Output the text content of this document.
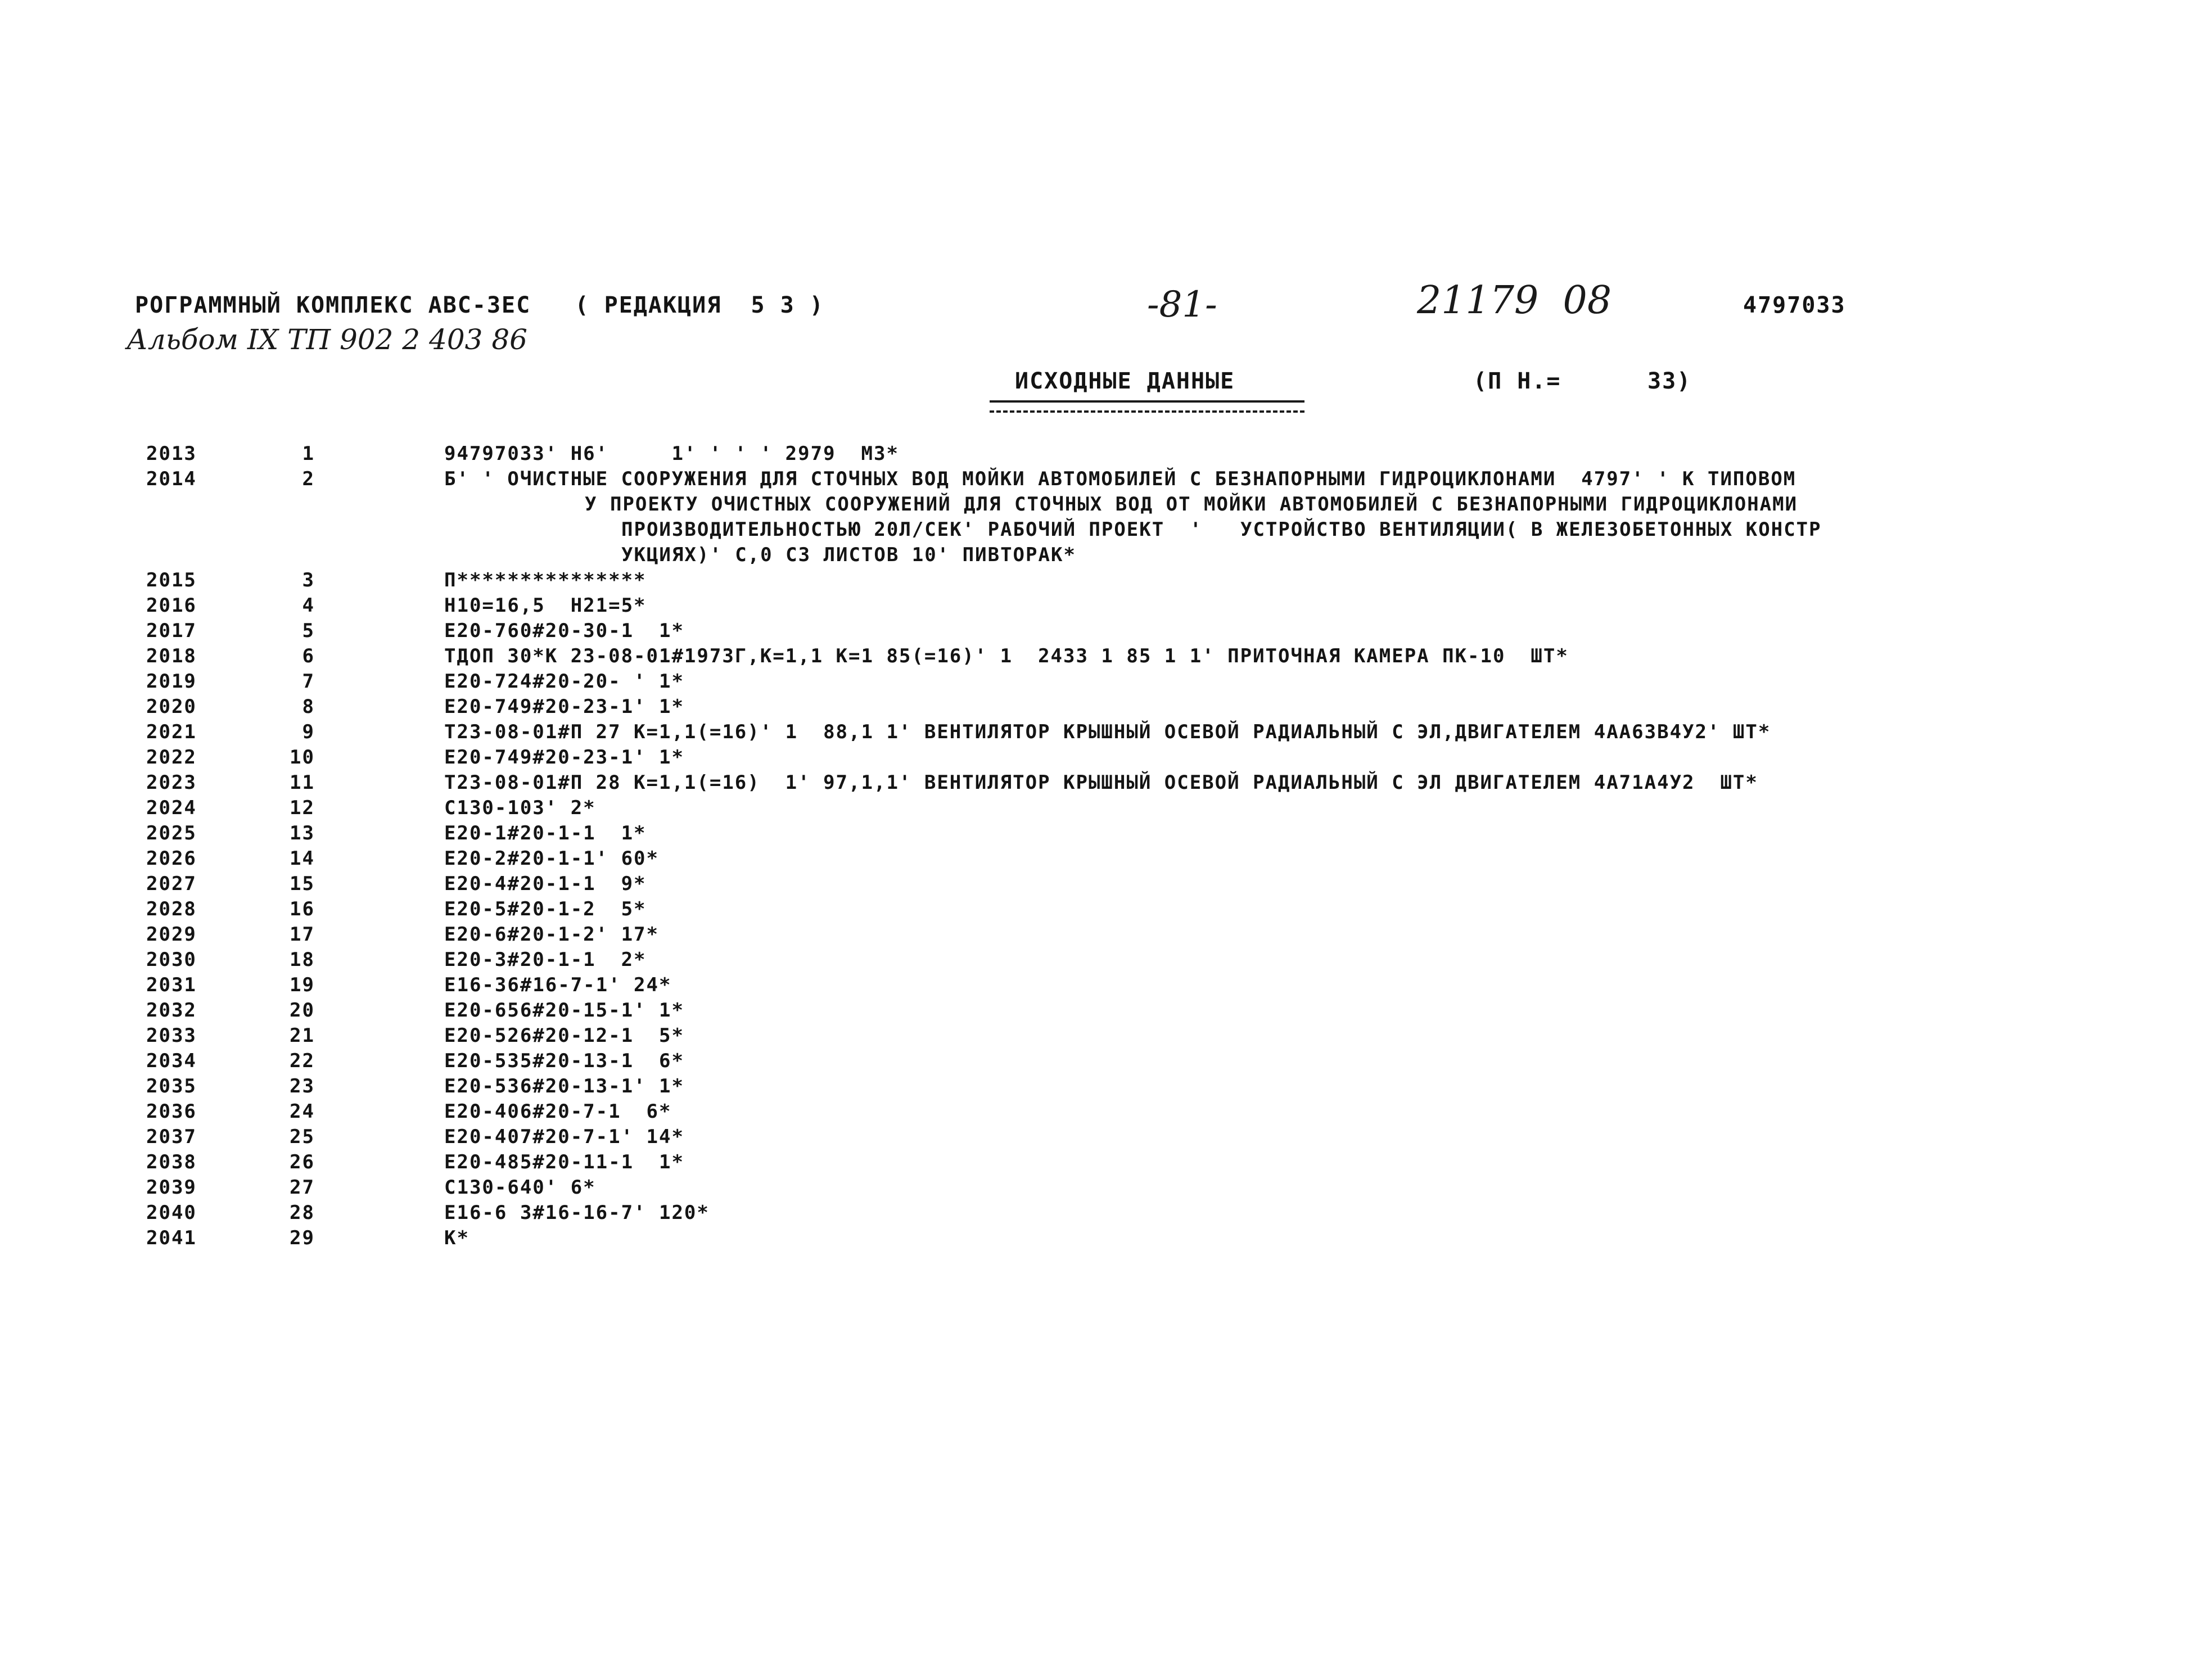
РОГРАММНЫЙ КОМПЛЕКС АВС-3ЕС   ( РЕДАКЦИЯ  5 3 )	-81-	21179  08	4797033
Альбом IX ТП 902 2 403 86
ИСХОДНЫЕ ДАННЫЕ	(П Н.=	33)
2013	1	94797033' Н6'     1' ' ' ' 2979  М3*
2014	2	Б' ' ОЧИСТНЫЕ СООРУЖЕНИЯ ДЛЯ СТОЧНЫХ ВОД МОЙКИ АВТОМОБИЛЕЙ С БЕЗНАПОРНЫМИ ГИДРОЦИКЛОНАМИ  4797' ' К ТИПОВОМ
У ПРОЕКТУ ОЧИСТНЫХ СООРУЖЕНИЙ ДЛЯ СТОЧНЫХ ВОД ОТ МОЙКИ АВТОМОБИЛЕЙ С БЕЗНАПОРНЫМИ ГИДРОЦИКЛОНАМИ
ПРОИЗВОДИТЕЛЬНОСТЬЮ 20Л/СЕК' РАБОЧИЙ ПРОЕКТ  '   УСТРОЙСТВО ВЕНТИЛЯЦИИ( В ЖЕЛЕЗОБЕТОННЫХ КОНСТР
УКЦИЯХ)' С,0 С3 ЛИСТОВ 10' ПИВТОРАК*
2015	3	П***************
2016	4	Н10=16,5  Н21=5*
2017	5	Е20-760#20-30-1  1*
2018	6	ТДОП 30*К 23-08-01#1973Г,К=1,1 К=1 85(=16)' 1  2433 1 85 1 1' ПРИТОЧНАЯ КАМЕРА ПК-10  ШТ*
2019	7	Е20-724#20-20- ' 1*
2020	8	Е20-749#20-23-1' 1*
2021	9	Т23-08-01#П 27 К=1,1(=16)' 1  88,1 1' ВЕНТИЛЯТОР КРЫШНЫЙ ОСЕВОЙ РАДИАЛЬНЫЙ С ЭЛ,ДВИГАТЕЛЕМ 4АА63В4У2' ШТ*
2022	10	Е20-749#20-23-1' 1*
2023	11	Т23-08-01#П 28 К=1,1(=16)  1' 97,1,1' ВЕНТИЛЯТОР КРЫШНЫЙ ОСЕВОЙ РАДИАЛЬНЫЙ С ЭЛ ДВИГАТЕЛЕМ 4А71А4У2  ШТ*
2024	12	С130-103' 2*
2025	13	Е20-1#20-1-1  1*
2026	14	Е20-2#20-1-1' 60*
2027	15	Е20-4#20-1-1  9*
2028	16	Е20-5#20-1-2  5*
2029	17	Е20-6#20-1-2' 17*
2030	18	Е20-3#20-1-1  2*
2031	19	Е16-36#16-7-1' 24*
2032	20	Е20-656#20-15-1' 1*
2033	21	Е20-526#20-12-1  5*
2034	22	Е20-535#20-13-1  6*
2035	23	Е20-536#20-13-1' 1*
2036	24	Е20-406#20-7-1  6*
2037	25	Е20-407#20-7-1' 14*
2038	26	Е20-485#20-11-1  1*
2039	27	С130-640' 6*
2040	28	Е16-6 3#16-16-7' 120*
2041	29	К*
